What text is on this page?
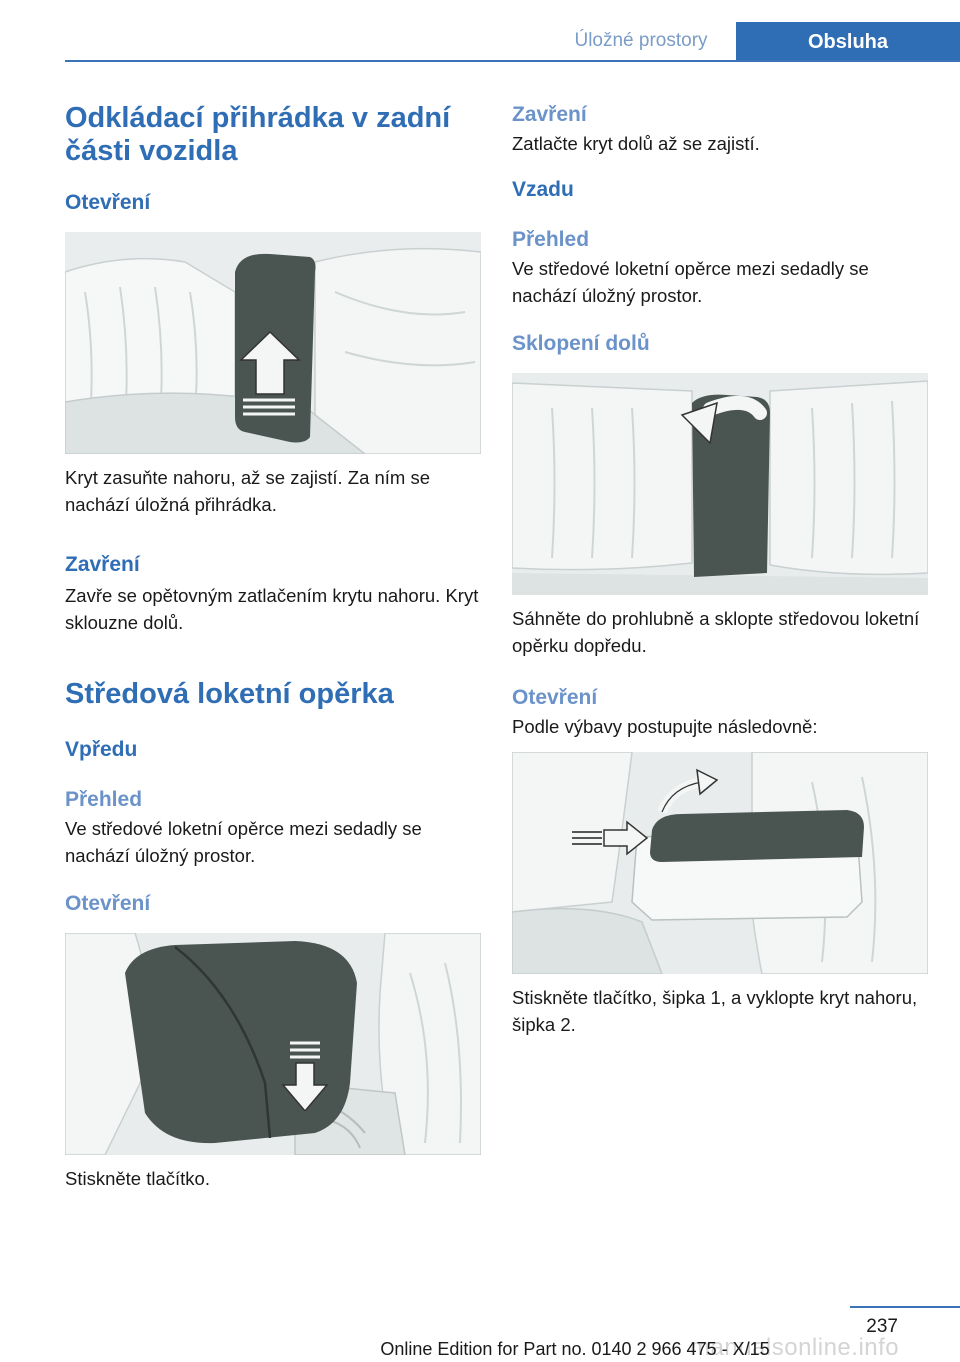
Úložné prostory	Obsluha
Odkládací přihrádka v zadní části vozidla
Otevření

Kryt zasuňte nahoru, až se zajistí. Za ním se nachází úložná přihrádka.

Zavření

Zavře se opětovným zatlačením krytu nahoru. Kryt sklouzne dolů.

Středová loketní opěrka
Vpředu
Přehled

Ve středové loketní opěrce mezi sedadly se nachází úložný prostor.

Otevření

Stiskněte tlačítko.

Zavření

Zatlačte kryt dolů až se zajistí.

Vzadu
Přehled

Ve středové loketní opěrce mezi sedadly se nachází úložný prostor.

Sklopení dolů

Sáhněte do prohlubně a sklopte středovou loketní opěrku dopředu.

Otevření

Podle výbavy postupujte následovně:

Stiskněte tlačítko, šipka 1, a vyklopte kryt nahoru, šipka 2.

237
manualsonline.info
Online Edition for Part no. 0140 2 966 475 - X/15
